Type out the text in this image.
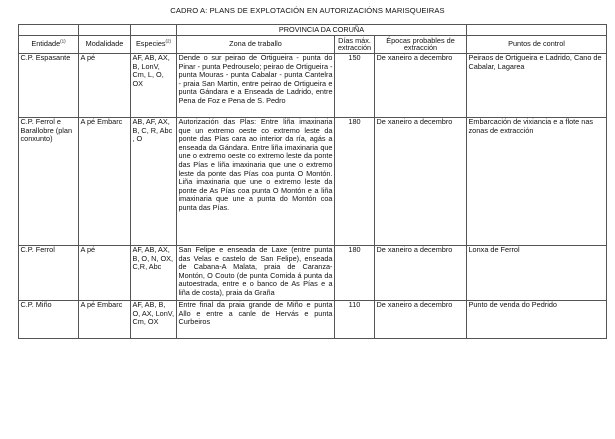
CADRO A: PLANS DE EXPLOTACIÓN EN AUTORIZACIÓNS MARISQUEIRAS
			PROVINCIA DA CORUÑA			
Entidade$^{(1)}$	Modalidade	Especies$^{(2)}$	Zona de traballo	Días máx. extracción	Épocas probables de extracción	Puntos de control
C.P. Espasante	A pé	AF, AB, AX, B, LonV, Cm, L, O, OX	Dende o sur peirao de Ortigueira - punta do Pinar - punta Pedrouselo; peirao de Ortigueira - punta Mouras - punta Cabalar - punta Cantelra - praia San Martin, entre peirao de Ortigueira e punta Gándara e a Enseada de Ladrido, entre Pena de Foz e Pena de S. Pedro	150	De xaneiro a decembro	Peiraos de Ortigueira e Ladrido, Cano de Cabalar, Lagarea
C.P. Ferrol e Barallobre (plan conxunto)	A pé Embarc	AB, AF, AX, B, C, R, Abc , O	Autorización das Plas: Entre liña imaxinaria que un extremo oeste co extremo leste da ponte das Pías cara ao interior da ría, agás a enseada da Gándara. Entre liña imaxinaria que une o extremo oeste co extremo leste da ponte das Pías e liña imaxinaria que une o extremo leste da ponte das Pías coa punta O Montón. Liña imaxinaria que une o extremo leste da ponte de As Pías coa punta O Montón e a liña imaxinaria que une a punta do Montón coa punta das Pías.	180	De xaneiro a decembro	Embarcación de vixiancia e a flote nas zonas de extracción
C.P. Ferrol	A pé	AF, AB, AX, B, O, N, OX, C,R, Abc	San Felipe e enseada de Laxe (entre punta das Velas e castelo de San Felipe), enseada de Cabana-A Malata, praia de Caranza-Montón, O Couto (de punta Comida á punta da autoestrada, entre e o banco de As Pías e a liña de costa), praia da Graña	180	De xaneiro a decembro	Lonxa de Ferrol
C.P. Miño	A pé Embarc	AF, AB, B, O, AX, LonV, Cm, OX	Entre final da praia grande de Miño e punta Allo e entre a canle de Hervás e punta Curbeiros	110	De xaneiro a decembro	Punto de venda do Pedrido
